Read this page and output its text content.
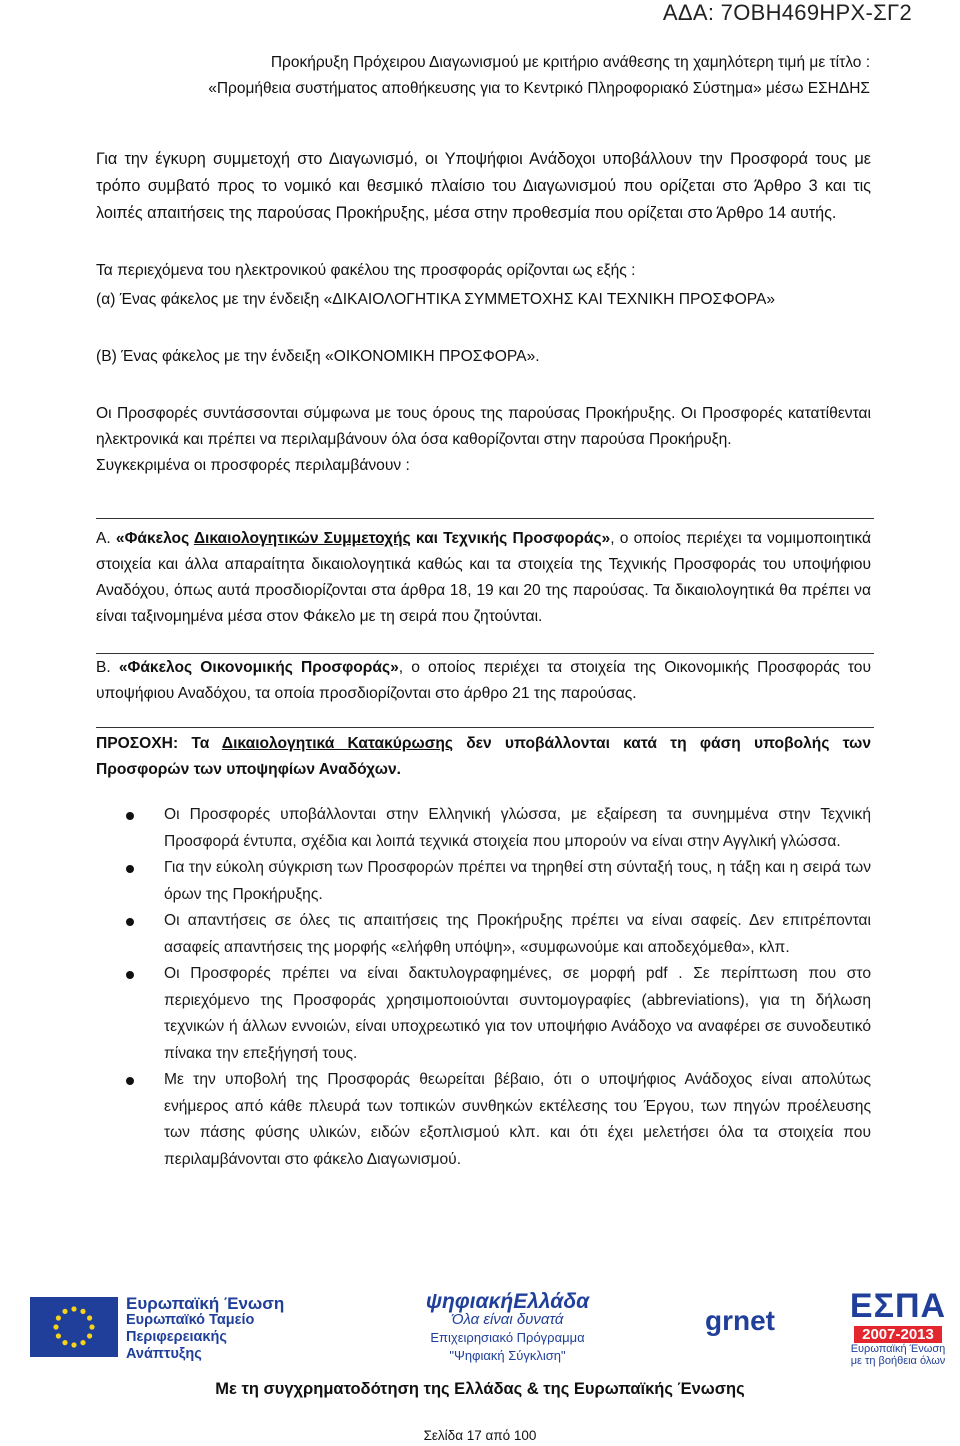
ΑΔΑ: 7ΟΒΗ469ΗΡΧ-ΣΓ2
Προκήρυξη Πρόχειρου Διαγωνισμού με κριτήριο ανάθεσης τη χαμηλότερη τιμή με τίτλο :
«Προμήθεια συστήματος αποθήκευσης για το Κεντρικό Πληροφοριακό Σύστημα» μέσω ΕΣΗΔΗΣ
Για την έγκυρη συμμετοχή στο Διαγωνισμό, οι Υποψήφιοι Ανάδοχοι υποβάλλουν την Προσφορά τους με τρόπο συμβατό προς το νομικό και θεσμικό πλαίσιο του Διαγωνισμού που ορίζεται στο Άρθρο 3 και τις λοιπές απαιτήσεις της παρούσας Προκήρυξης, μέσα στην προθεσμία που ορίζεται στο Άρθρο 14 αυτής.
Τα περιεχόμενα του ηλεκτρονικού φακέλου της προσφοράς ορίζονται ως εξής :
(α) Ένας φάκελος με την ένδειξη «ΔΙΚΑΙΟΛΟΓΗΤΙΚΑ ΣΥΜΜΕΤΟΧΗΣ ΚΑΙ ΤΕΧΝΙΚΗ ΠΡΟΣΦΟΡΑ»
(Β) Ένας φάκελος με την ένδειξη «ΟΙΚΟΝΟΜΙΚΗ ΠΡΟΣΦΟΡΑ».
Οι Προσφορές συντάσσονται σύμφωνα με τους όρους της παρούσας Προκήρυξης. Οι Προσφορές κατατίθενται ηλεκτρονικά και πρέπει να περιλαμβάνουν όλα όσα καθορίζονται στην παρούσα Προκήρυξη.
Συγκεκριμένα οι προσφορές περιλαμβάνουν :
Α. «Φάκελος Δικαιολογητικών Συμμετοχής και Τεχνικής Προσφοράς», ο οποίος περιέχει τα νομιμοποιητικά στοιχεία και άλλα απαραίτητα δικαιολογητικά καθώς και τα στοιχεία της Τεχνικής Προσφοράς του υποψήφιου Αναδόχου, όπως αυτά προσδιορίζονται στα άρθρα 18, 19 και 20 της παρούσας. Τα δικαιολογητικά θα πρέπει να είναι ταξινομημένα μέσα στον Φάκελο με τη σειρά που ζητούνται.
Β. «Φάκελος Οικονομικής Προσφοράς», ο οποίος περιέχει τα στοιχεία της Οικονομικής Προσφοράς του υποψήφιου Αναδόχου, τα οποία προσδιορίζονται στο άρθρο 21 της παρούσας.
ΠΡΟΣΟΧΗ: Τα Δικαιολογητικά Κατακύρωσης δεν υποβάλλονται κατά τη φάση υποβολής των Προσφορών των υποψηφίων Αναδόχων.
Οι Προσφορές υποβάλλονται στην Ελληνική γλώσσα, με εξαίρεση τα συνημμένα στην Τεχνική Προσφορά έντυπα, σχέδια και λοιπά τεχνικά στοιχεία που μπορούν να είναι στην Αγγλική γλώσσα.
Για την εύκολη σύγκριση των Προσφορών πρέπει να τηρηθεί στη σύνταξή τους, η τάξη και η σειρά των όρων της Προκήρυξης.
Οι απαντήσεις σε όλες τις απαιτήσεις της Προκήρυξης πρέπει να είναι σαφείς. Δεν επιτρέπονται ασαφείς απαντήσεις της μορφής «ελήφθη υπόψη», «συμφωνούμε και αποδεχόμεθα», κλπ.
Οι Προσφορές πρέπει να είναι δακτυλογραφημένες, σε μορφή pdf . Σε περίπτωση που στο περιεχόμενο της Προσφοράς χρησιμοποιούνται συντομογραφίες (abbreviations), για τη δήλωση τεχνικών ή άλλων εννοιών, είναι υποχρεωτικό για τον υποψήφιο Ανάδοχο να αναφέρει σε συνοδευτικό πίνακα την επεξήγησή τους.
Με την υποβολή της Προσφοράς θεωρείται βέβαιο, ότι ο υποψήφιος Ανάδοχος είναι απολύτως ενήμερος από κάθε πλευρά των τοπικών συνθηκών εκτέλεσης του Έργου, των πηγών προέλευσης των πάσης φύσης υλικών, ειδών εξοπλισμού κλπ. και ότι έχει μελετήσει όλα τα στοιχεία που περιλαμβάνονται στο φάκελο Διαγωνισμού.
Ευρωπαϊκή Ένωση
Ευρωπαϊκό Ταμείο
Περιφερειακής
Ανάπτυξης
ψηφιακήΕλλάδα
Όλα είναι δυνατά
Επιχειρησιακό Πρόγραμμα
"Ψηφιακή Σύγκλιση"
grnet ΕΣΠΑ
2007-2013
Ευρωπαϊκή Ένωση με τη βοήθεια όλων
Με τη συγχρηματοδότηση της Ελλάδας & της Ευρωπαϊκής Ένωσης
Σελίδα 17 από 100
